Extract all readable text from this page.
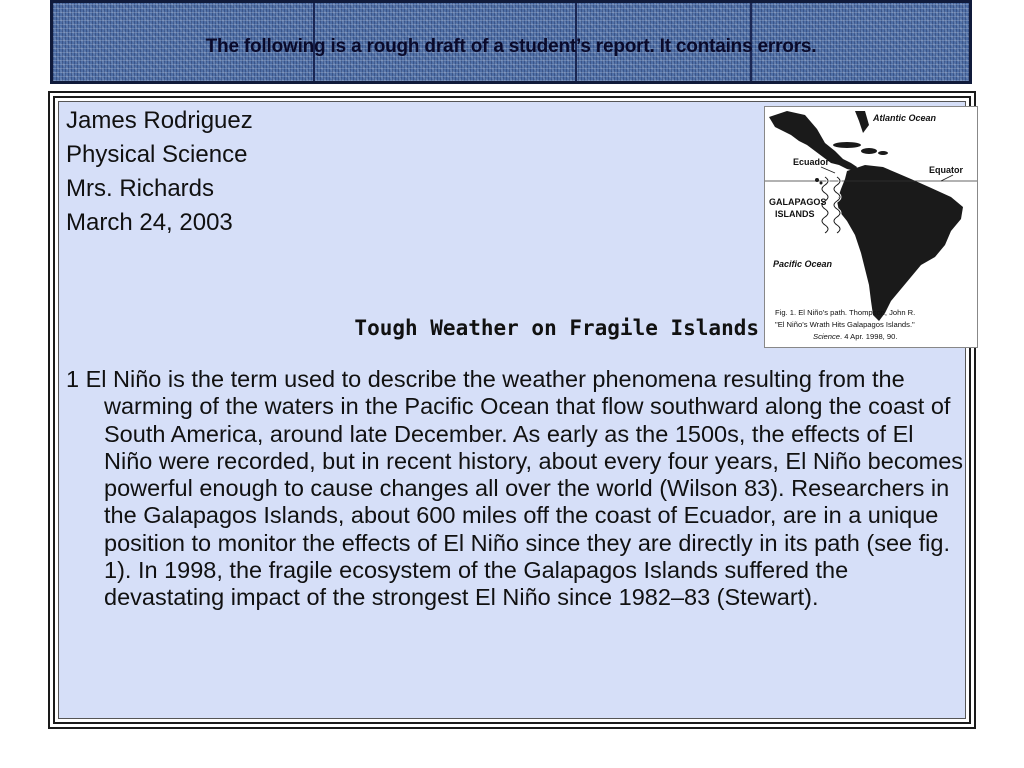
The following is a rough draft of a student’s report. It contains errors.
James Rodriguez
Physical Science
Mrs. Richards
March 24, 2003
Atlantic Ocean
Ecuador
Equator
GALAPAGOS
ISLANDS
Pacific Ocean
Fig. 1. El Niño’s path. Thompson, John R.
"El Niño’s Wrath Hits Galapagos Islands."
Science. 4 Apr. 1998, 90.
Tough Weather on Fragile Islands
1 El Niño is the term used to describe the weather phenomena resulting from the warming of the waters in the Pacific Ocean that flow southward along the coast of South America, around late December. As early as the 1500s, the effects of El Niño were recorded, but in recent history, about every four years, El Niño becomes powerful enough to cause changes all over the world (Wilson 83). Researchers in the Galapagos Islands, about 600 miles off the coast of Ecuador, are in a unique position to monitor the effects of El Niño since they are directly in its path (see fig. 1). In 1998, the fragile ecosystem of the Galapagos Islands suffered the devastating impact of the strongest El Niño since 1982–83 (Stewart).
